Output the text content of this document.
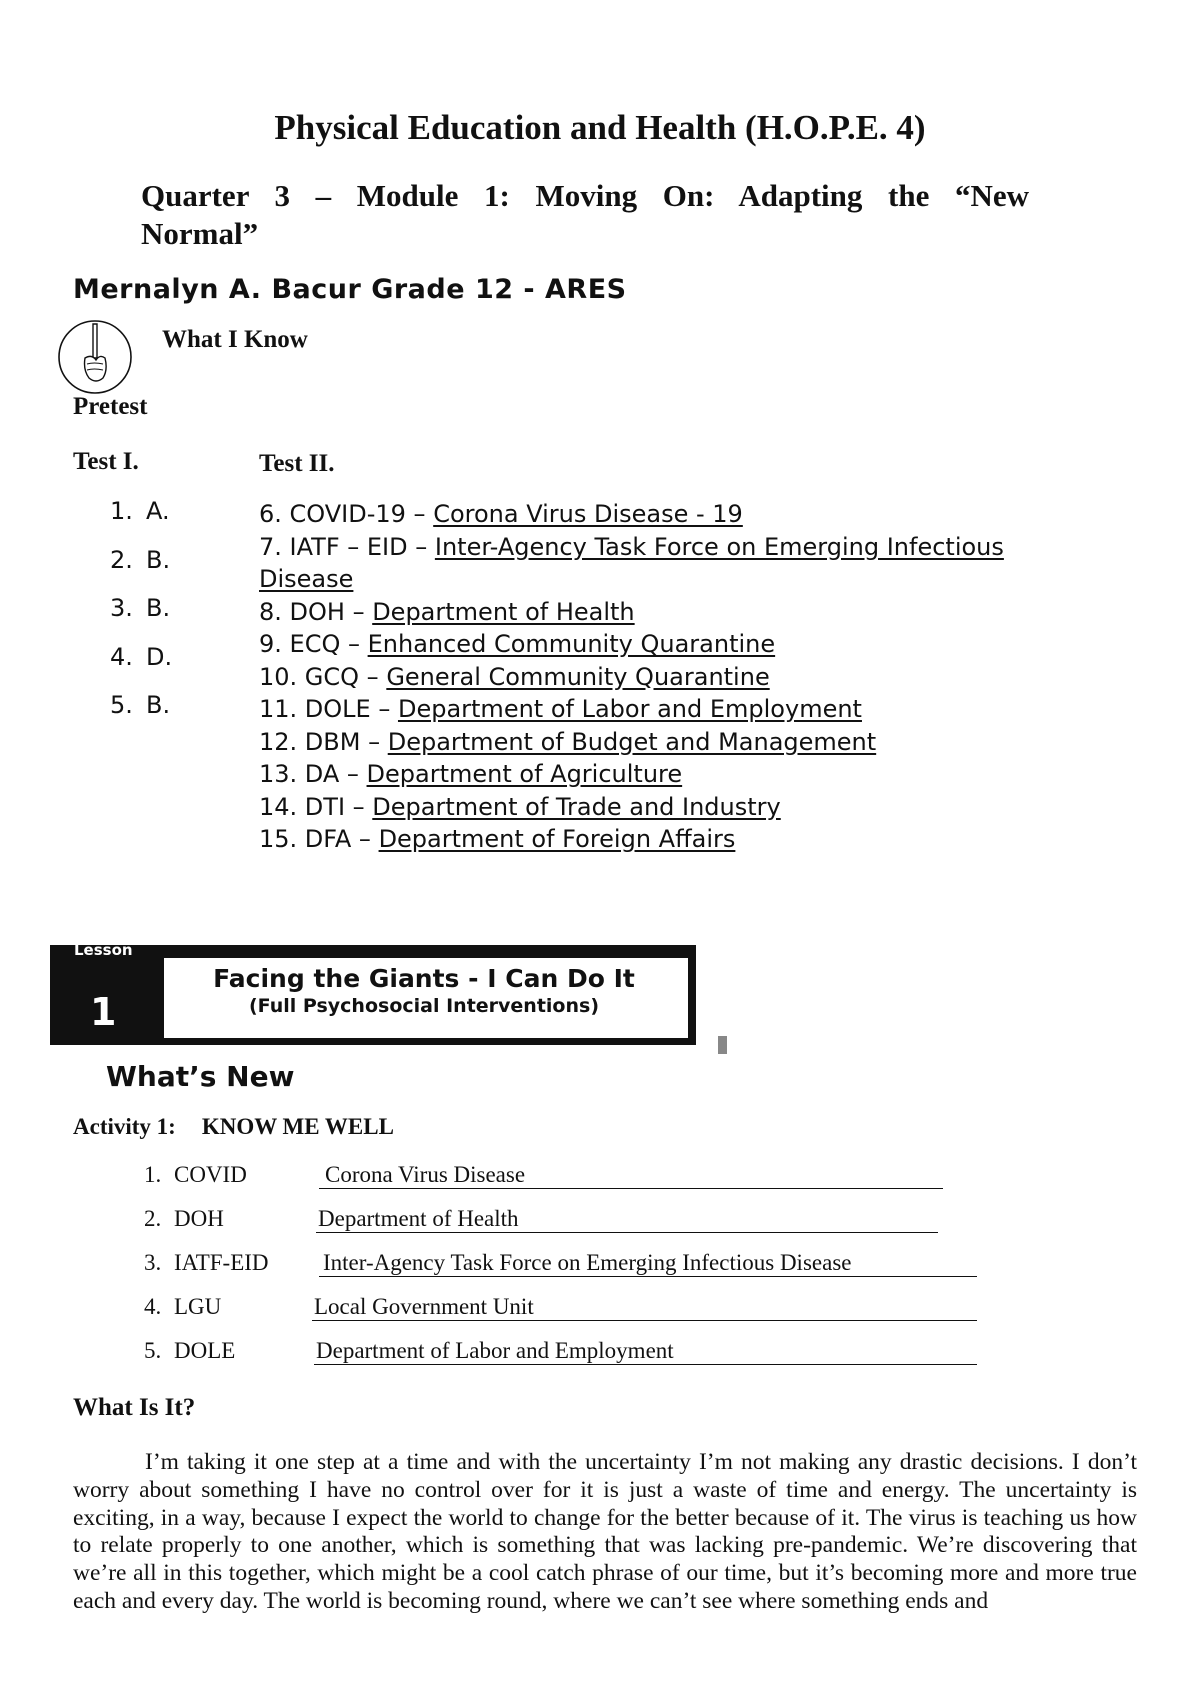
Physical Education and Health (H.O.P.E. 4)
Quarter 3 – Module 1: Moving On: Adapting the “New
Normal”
Mernalyn A. Bacur Grade 12 - ARES
What I Know
Pretest
Test I.	Test II.
1. A.
2. B.
3. B.
4. D.
5. B.
6. COVID-19 – Corona Virus Disease - 19
7. IATF – EID – Inter-Agency Task Force on Emerging Infectious Disease
8. DOH – Department of Health
9. ECQ – Enhanced Community Quarantine
10. GCQ – General Community Quarantine
11. DOLE – Department of Labor and Employment
12. DBM – Department of Budget and Management
13. DA – Department of Agriculture
14. DTI – Department of Trade and Industry
15. DFA – Department of Foreign Affairs
Lesson
1
Facing the Giants - I Can Do It
(Full Psychosocial Interventions)
What’s New
Activity 1: KNOW ME WELL
1. COVID	Corona Virus Disease
2. DOH	Department of Health
3. IATF-EID	Inter-Agency Task Force on Emerging Infectious Disease
4. LGU	Local Government Unit
5. DOLE	Department of Labor and Employment
What Is It?

I’m taking it one step at a time and with the uncertainty I’m not making any drastic decisions. I don’t worry about something I have no control over for it is just a waste of time and energy. The uncertainty is exciting, in a way, because I expect the world to change for the better because of it. The virus is teaching us how to relate properly to one another, which is something that was lacking pre-pandemic. We’re discovering that we’re all in this together, which might be a cool catch phrase of our time, but it’s becoming more and more true each and every day. The world is becoming round, where we can’t see where something ends and
